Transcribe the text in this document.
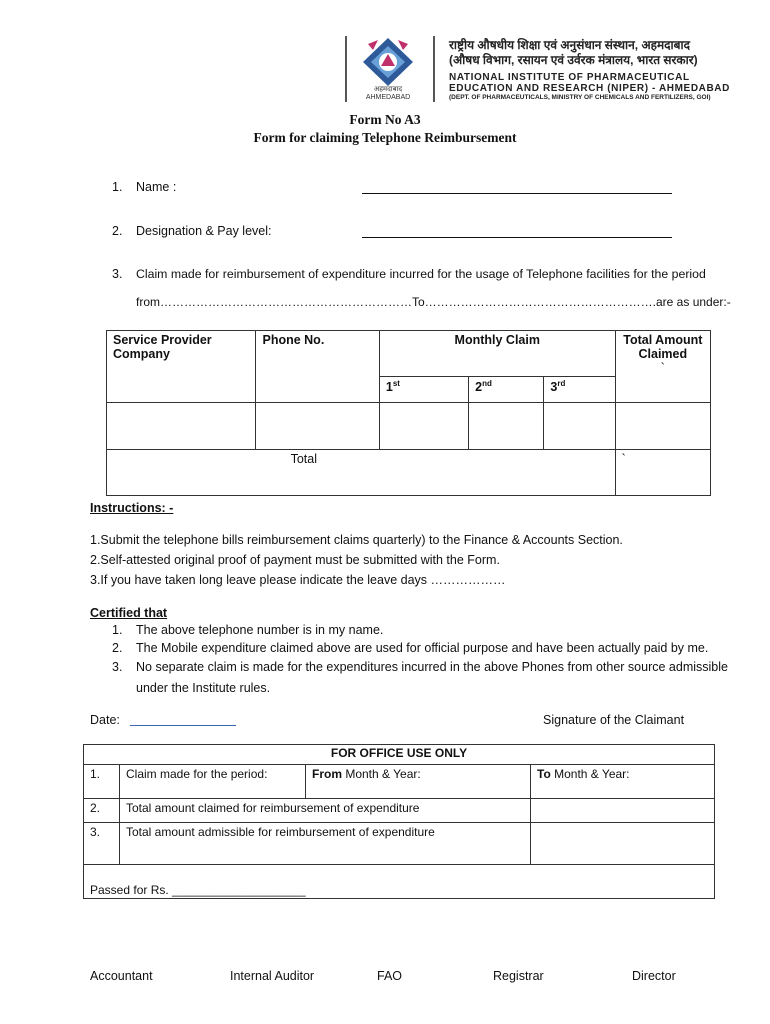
अहमदाबाद
AHMEDABAD
राष्ट्रीय औषधीय शिक्षा एवं अनुसंधान संस्थान, अहमदाबाद
(औषध विभाग, रसायन एवं उर्वरक मंत्रालय, भारत सरकार)
NATIONAL INSTITUTE OF PHARMACEUTICAL
EDUCATION AND RESEARCH (NIPER) - AHMEDABAD
(DEPT. OF PHARMACEUTICALS, MINISTRY OF CHEMICALS AND FERTILIZERS, GOI)
Form No A3
Form for claiming Telephone Reimbursement
1. Name :
2. Designation & Pay level:
3. Claim made for reimbursement of expenditure incurred for the usage of Telephone facilities for the period
from………………………………………………………To………………………………………………….are as under:-
Service Provider Company	Phone No.	Monthly Claim			Total Amount Claimed
`

		1st	2nd	3rd

Total					`
Instructions: -
1.Submit the telephone bills reimbursement claims quarterly) to the Finance & Accounts Section.
2.Self-attested original proof of payment must be submitted with the Form.
3.If you have taken long leave please indicate the leave days ………………
Certified that
1. The above telephone number is in my name.
2. The Mobile expenditure claimed above are used for official purpose and have been actually paid by me.
3. No separate claim is made for the expenditures incurred in the above Phones from other source admissible
under the Institute rules.
Date:	Signature of the Claimant
FOR OFFICE USE ONLY			
1.	Claim made for the period:	From Month & Year:	To Month & Year:
2.	Total amount claimed for reimbursement of expenditure		
3.	Total amount admissible for reimbursement of expenditure		
Passed for Rs. ____________________			
Accountant	Internal Auditor	FAO	Registrar	Director
